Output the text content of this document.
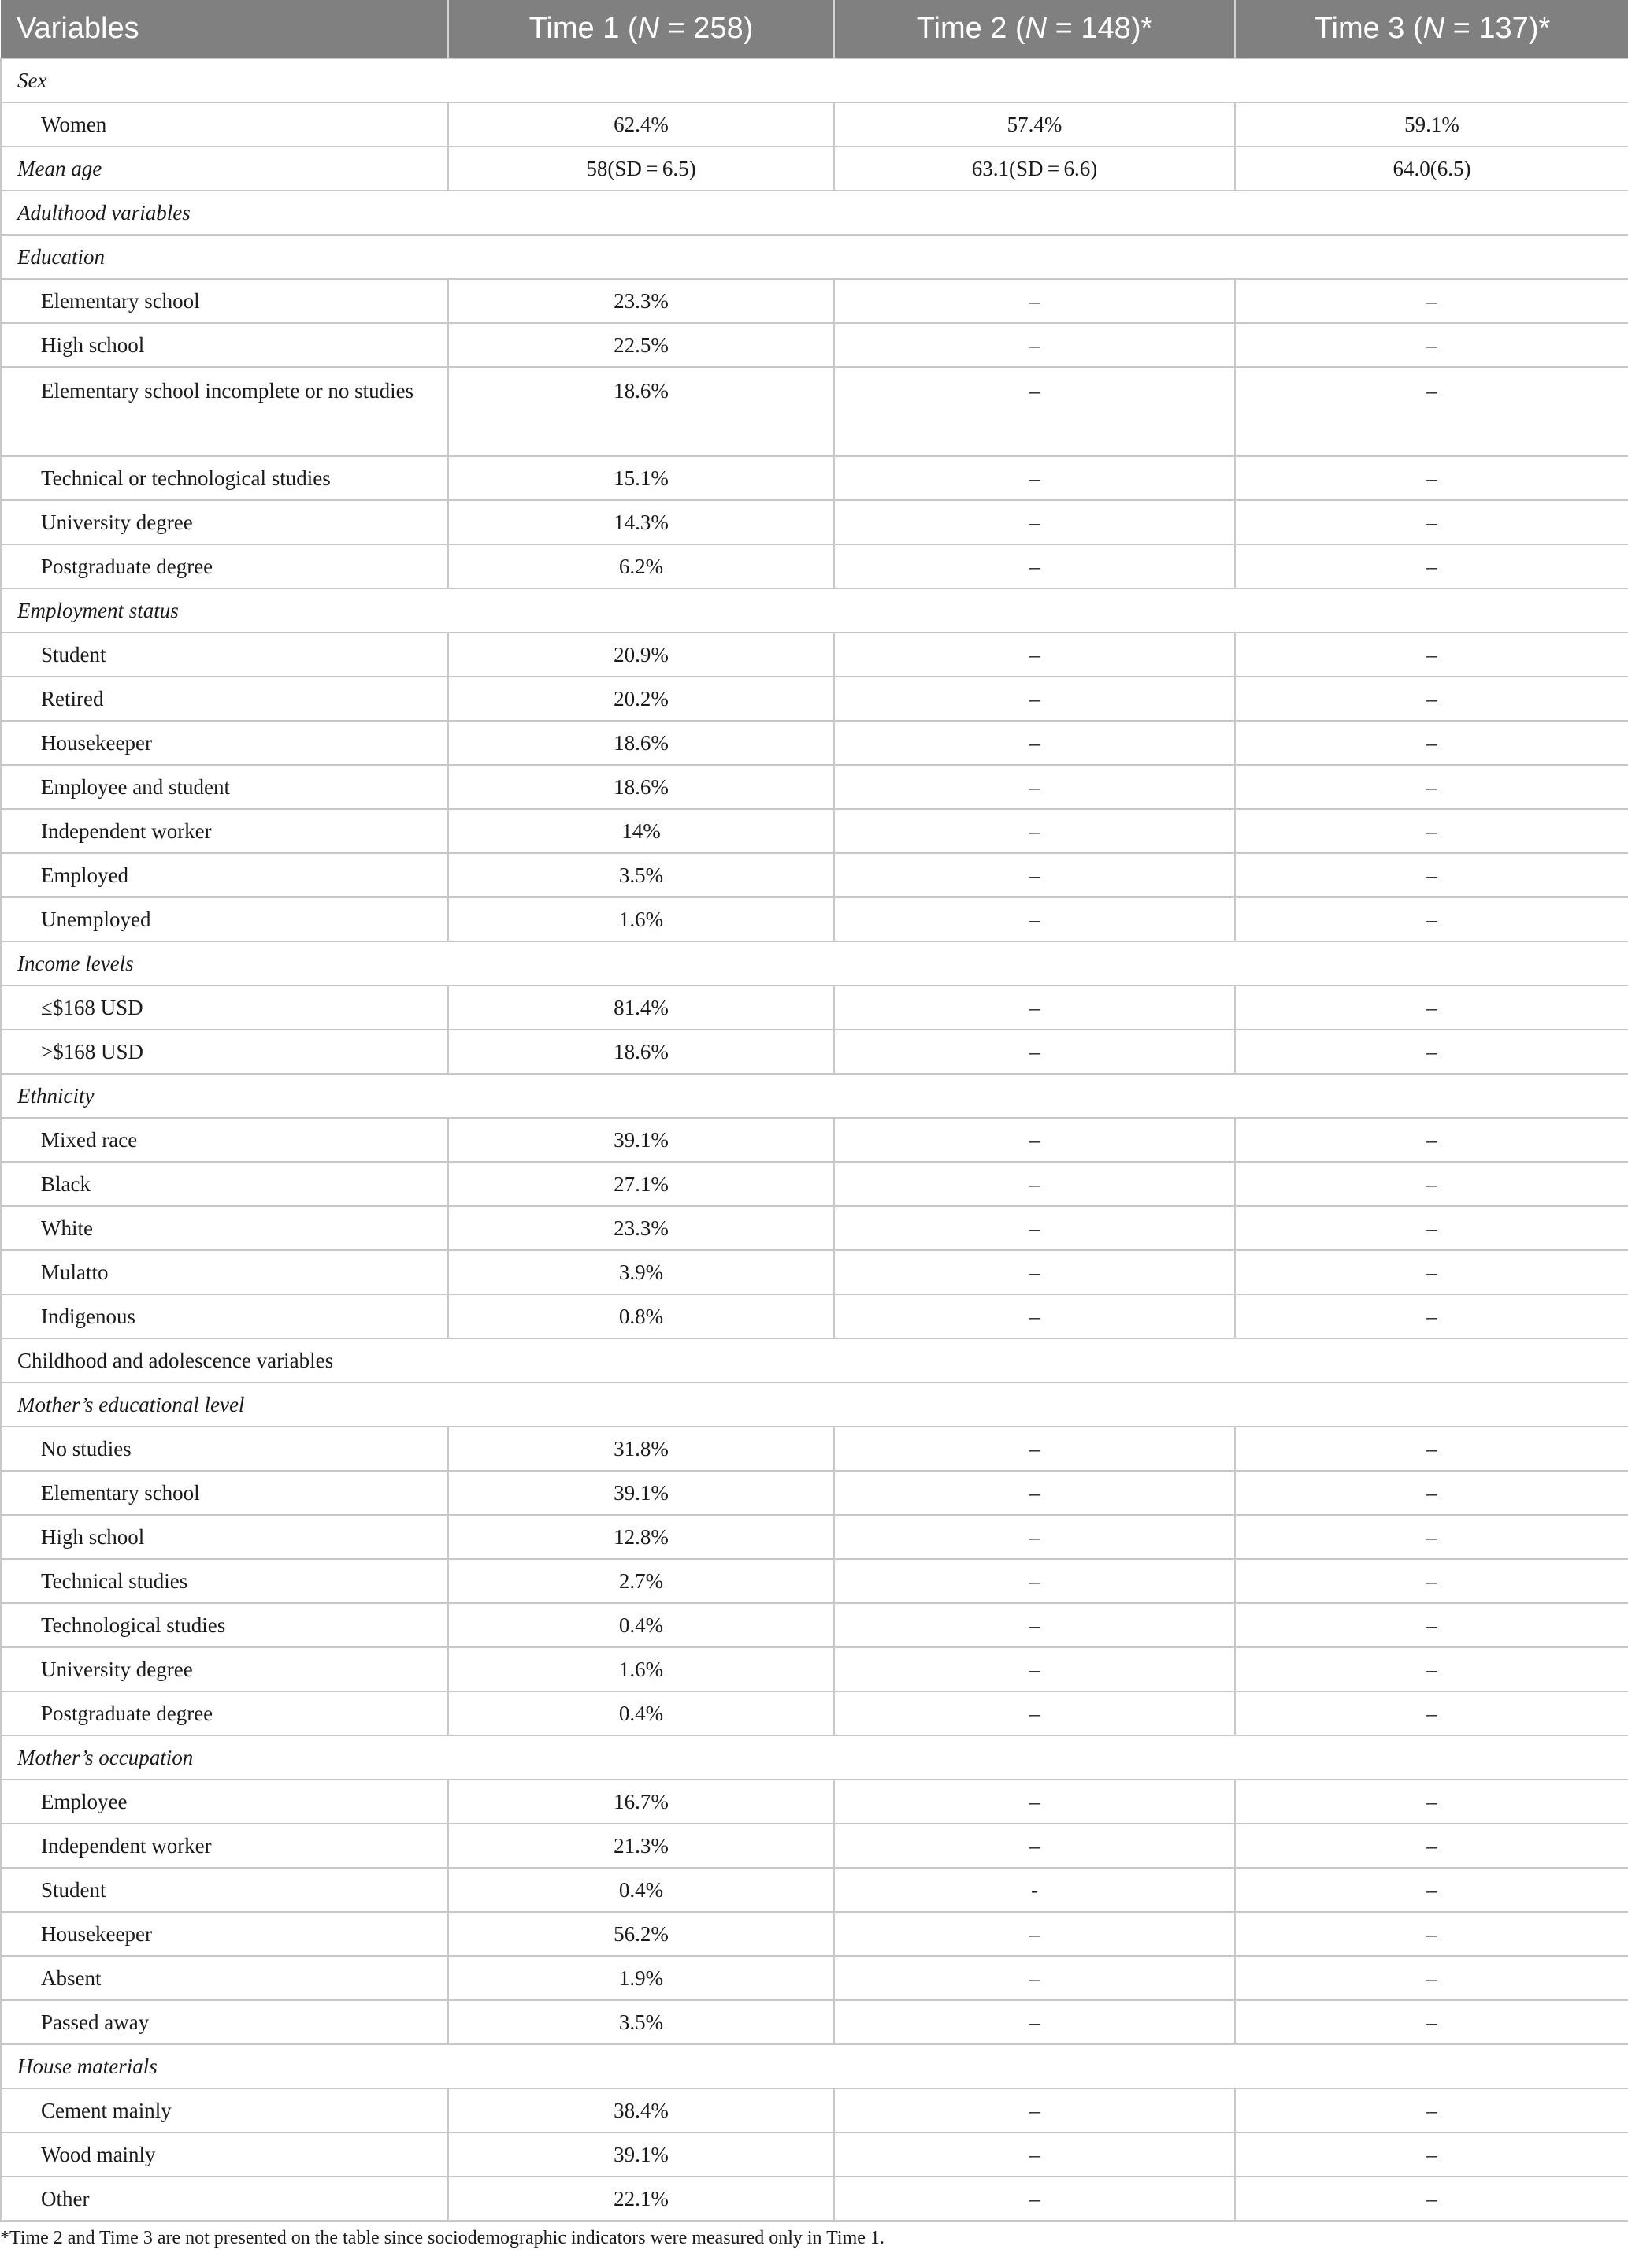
Variables	Time 1 (N = 258)	Time 2 (N = 148)*	Time 3 (N = 137)*
Sex			
Women	62.4%	57.4%	59.1%
Mean age	58(SD = 6.5)	63.1(SD = 6.6)	64.0(6.5)
Adulthood variables			
Education			
Elementary school	23.3%	–	–
High school	22.5%	–	–
Elementary school incomplete or no studies	18.6%	–	–
Technical or technological studies	15.1%	–	–
University degree	14.3%	–	–
Postgraduate degree	6.2%	–	–
Employment status			
Student	20.9%	–	–
Retired	20.2%	–	–
Housekeeper	18.6%	–	–
Employee and student	18.6%	–	–
Independent worker	14%	–	–
Employed	3.5%	–	–
Unemployed	1.6%	–	–
Income levels			
≤$168 USD	81.4%	–	–
>$168 USD	18.6%	–	–
Ethnicity			
Mixed race	39.1%	–	–
Black	27.1%	–	–
White	23.3%	–	–
Mulatto	3.9%	–	–
Indigenous	0.8%	–	–
Childhood and adolescence variables			
Mother’s educational level			
No studies	31.8%	–	–
Elementary school	39.1%	–	–
High school	12.8%	–	–
Technical studies	2.7%	–	–
Technological studies	0.4%	–	–
University degree	1.6%	–	–
Postgraduate degree	0.4%	–	–
Mother’s occupation			
Employee	16.7%	–	–
Independent worker	21.3%	–	–
Student	0.4%	-	–
Housekeeper	56.2%	–	–
Absent	1.9%	–	–
Passed away	3.5%	–	–
House materials			
Cement mainly	38.4%	–	–
Wood mainly	39.1%	–	–
Other	22.1%	–	–
*Time 2 and Time 3 are not presented on the table since sociodemographic indicators were measured only in Time 1.
